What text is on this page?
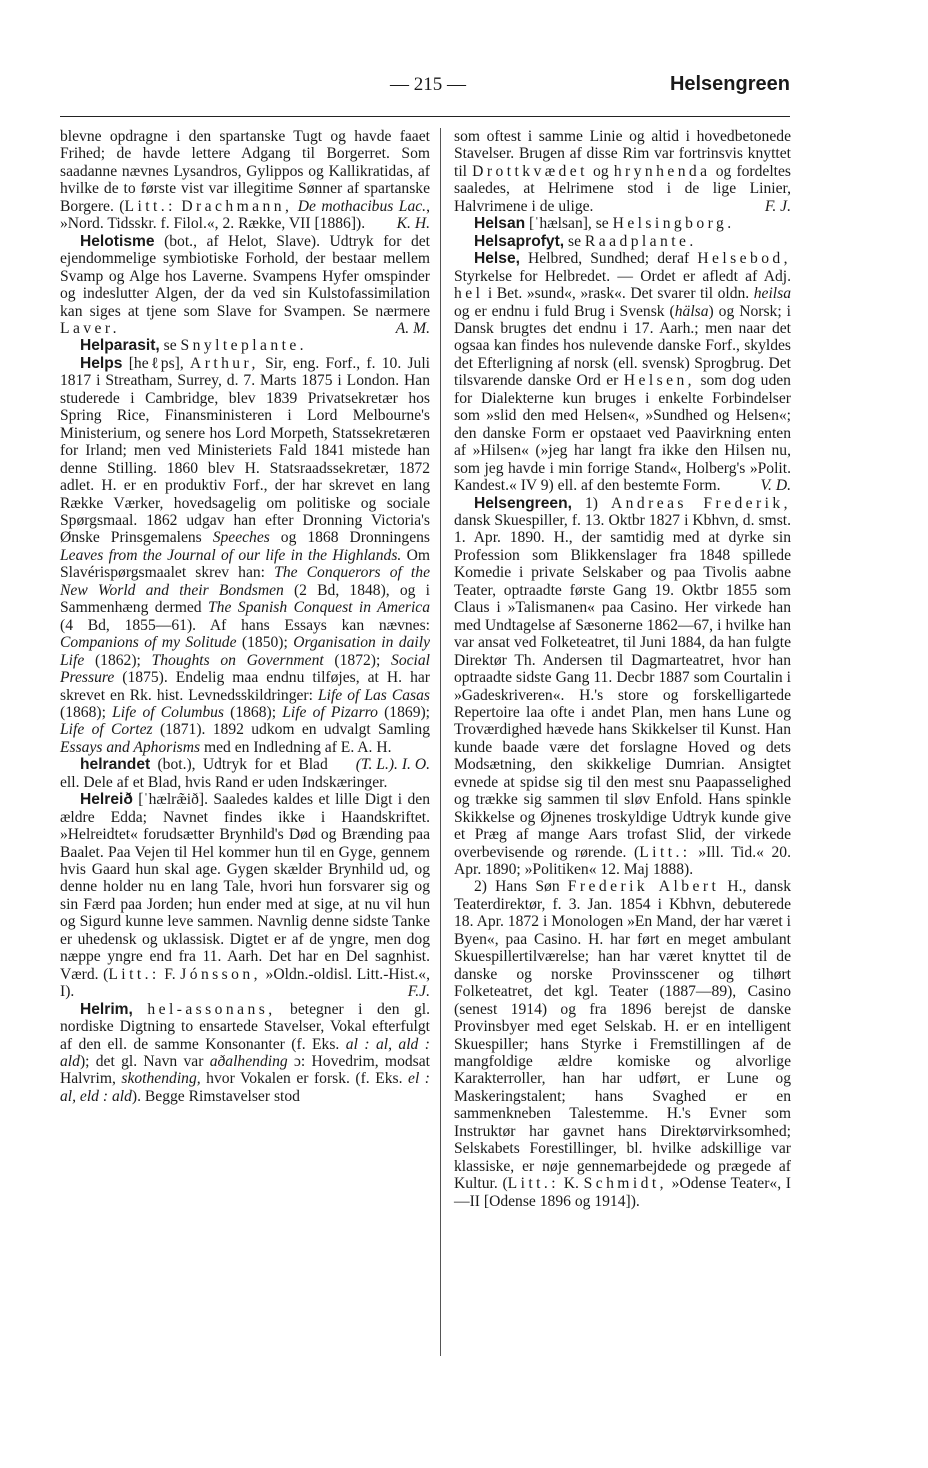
— 215 —	Helsengreen

blevne opdragne i den spartanske Tugt og havde faaet Frihed; de havde lettere Adgang til Borgerret. Som saadanne nævnes Lysandros, Gylippos og Kallikratidas, af hvilke de to første vist var illegitime Sønner af spartanske Borgere. (Litt.: Drachmann, De mothacibus Lac., »Nord. Tidsskr. f. Filol.«, 2. Række, VII [1886]).	K. H.

Helotisme (bot., af Helot, Slave). Udtryk for det ejendommelige symbiotiske Forhold, der bestaar mellem Svamp og Alge hos Laverne. Svampens Hyfer omspinder og indeslutter Algen, der da ved sin Kulstofassimilation kan siges at tjene som Slave for Svampen. Se nærmere Laver.	A. M.

Helparasit, se Snylteplante.

Helps [heℓps], Arthur, Sir, eng. Forf., f. 10. Juli 1817 i Streatham, Surrey, d. 7. Marts 1875 i London. Han studerede i Cambridge, blev 1839 Privatsekretær hos Spring Rice, Finansministeren i Lord Melbourne's Ministerium, og senere hos Lord Morpeth, Statssekretæren for Irland; men ved Ministeriets Fald 1841 mistede han denne Stilling. 1860 blev H. Statsraadssekretær, 1872 adlet. H. er en produktiv Forf., der har skrevet en lang Række Værker, hovedsagelig om politiske og sociale Spørgsmaal. 1862 udgav han efter Dronning Victoria's Ønske Prinsgemalens Speeches og 1868 Dronningens Leaves from the Journal of our life in the Highlands. Om Slavérispørgsmaalet skrev han: The Conquerors of the New World and their Bondsmen (2 Bd, 1848), og i Sammenhæng dermed The Spanish Conquest in America (4 Bd, 1855—61). Af hans Essays kan nævnes: Companions of my Solitude (1850); Organisation in daily Life (1862); Thoughts on Government (1872); Social Pressure (1875). Endelig maa endnu tilføjes, at H. har skrevet en Rk. hist. Levnedsskildringer: Life of Las Casas (1868); Life of Columbus (1868); Life of Pizarro (1869); Life of Cortez (1871). 1892 udkom en udvalgt Samling Essays and Aphorisms med en Indledning af E. A. H.
(T. L.). I. O.

helrandet (bot.), Udtryk for et Blad ell. Dele af et Blad, hvis Rand er uden Indskæringer.

Helreið [ˈhælræ̃ið]. Saaledes kaldes et lille Digt i den ældre Edda; Navnet findes ikke i Haandskriftet. »Helreidtet« forudsætter Brynhild's Død og Brænding paa Baalet. Paa Vejen til Hel kommer hun til en Gyge, gennem hvis Gaard hun skal age. Gygen skælder Brynhild ud, og denne holder nu en lang Tale, hvori hun forsvarer sig og sin Færd paa Jorden; hun ender med at sige, at nu vil hun og Sigurd kunne leve sammen. Navnlig denne sidste Tanke er uhedensk og uklassisk. Digtet er af de yngre, men dog næppe yngre end fra 11. Aarh. Det har en Del sagnhist. Værd. (Litt.: F. Jónsson, »Oldn.-oldisl. Litt.-Hist.«, I).	F.J.

Helrim, hel-assonans, betegner i den gl. nordiske Digtning to ensartede Stavelser, Vokal efterfulgt af den ell. de samme Konsonanter (f. Eks. al : al, ald : ald); det gl. Navn var aðalhending ɔ: Hovedrim, modsat Halvrim, skothending, hvor Vokalen er forsk. (f. Eks. el : al, eld : ald). Begge Rimstavelser stod

som oftest i samme Linie og altid i hovedbetonede Stavelser. Brugen af disse Rim var fortrinsvis knyttet til Drottkvædet og hrynhenda og fordeltes saaledes, at Helrimene stod i de lige Linier, Halvrimene i de ulige.	F. J.

Helsan [ˈhælsan], se Helsingborg.

Helsaprofyt, se Raadplante.

Helse, Helbred, Sundhed; deraf Helsebod, Styrkelse for Helbredet. — Ordet er afledt af Adj. hel i Bet. »sund«, »rask«. Det svarer til oldn. heilsa og er endnu i fuld Brug i Svensk (hälsa) og Norsk; i Dansk brugtes det endnu i 17. Aarh.; men naar det ogsaa kan findes hos nulevende danske Forf., skyldes det Efterligning af norsk (ell. svensk) Sprogbrug. Det tilsvarende danske Ord er Helsen, som dog uden for Dialekterne kun bruges i enkelte Forbindelser som »slid den med Helsen«, »Sundhed og Helsen«; den danske Form er opstaaet ved Paavirkning enten af »Hilsen« (»jeg har langt fra ikke den Hilsen nu, som jeg havde i min forrige Stand«, Holberg's »Polit. Kandest.« IV 9) ell. af den bestemte Form.	V. D.

Helsengreen, 1) Andreas Frederik, dansk Skuespiller, f. 13. Oktbr 1827 i Kbhvn, d. smst. 1. Apr. 1890. H., der samtidig med at dyrke sin Profession som Blikkenslager fra 1848 spillede Komedie i private Selskaber og paa Tivolis aabne Teater, optraadte første Gang 19. Oktbr 1855 som Claus i »Talismanen« paa Casino. Her virkede han med Undtagelse af Sæsonerne 1862—67, i hvilke han var ansat ved Folketeatret, til Juni 1884, da han fulgte Direktør Th. Andersen til Dagmarteatret, hvor han optraadte sidste Gang 11. Decbr 1887 som Courtalin i »Gadeskriveren«. H.'s store og forskelligartede Repertoire laa ofte i andet Plan, men hans Lune og Troværdighed hævede hans Skikkelser til Kunst. Han kunde baade være det forslagne Hoved og dets Modsætning, den skikkelige Dumrian. Ansigtet evnede at spidse sig til den mest snu Paapasselighed og trække sig sammen til sløv Enfold. Hans spinkle Skikkelse og Øjnenes troskyldige Udtryk kunde give et Præg af mange Aars trofast Slid, der virkede overbevisende og rørende. (Litt.: »Ill. Tid.« 20. Apr. 1890; »Politiken« 12. Maj 1888).

2) Hans Søn Frederik Albert H., dansk Teaterdirektør, f. 3. Jan. 1854 i Kbhvn, debuterede 18. Apr. 1872 i Monologen »En Mand, der har været i Byen«, paa Casino. H. har ført en meget ambulant Skuespillertilværelse; han har været knyttet til de danske og norske Provinsscener og tilhørt Folketeatret, det kgl. Teater (1887—89), Casino (senest 1914) og fra 1896 berejst de danske Provinsbyer med eget Selskab. H. er en intelligent Skuespiller; hans Styrke i Fremstillingen af de mangfoldige ældre komiske og alvorlige Karakterroller, han har udført, er Lune og Maskeringstalent; hans Svaghed er en sammenkneben Talestemme. H.'s Evner som Instruktør har gavnet hans Direktørvirksomhed; Selskabets Forestillinger, bl. hvilke adskillige var klassiske, er nøje gennemarbejdede og prægede af Kultur. (Litt.: K. Schmidt, »Odense Teater«, I—II [Odense 1896 og 1914]).
